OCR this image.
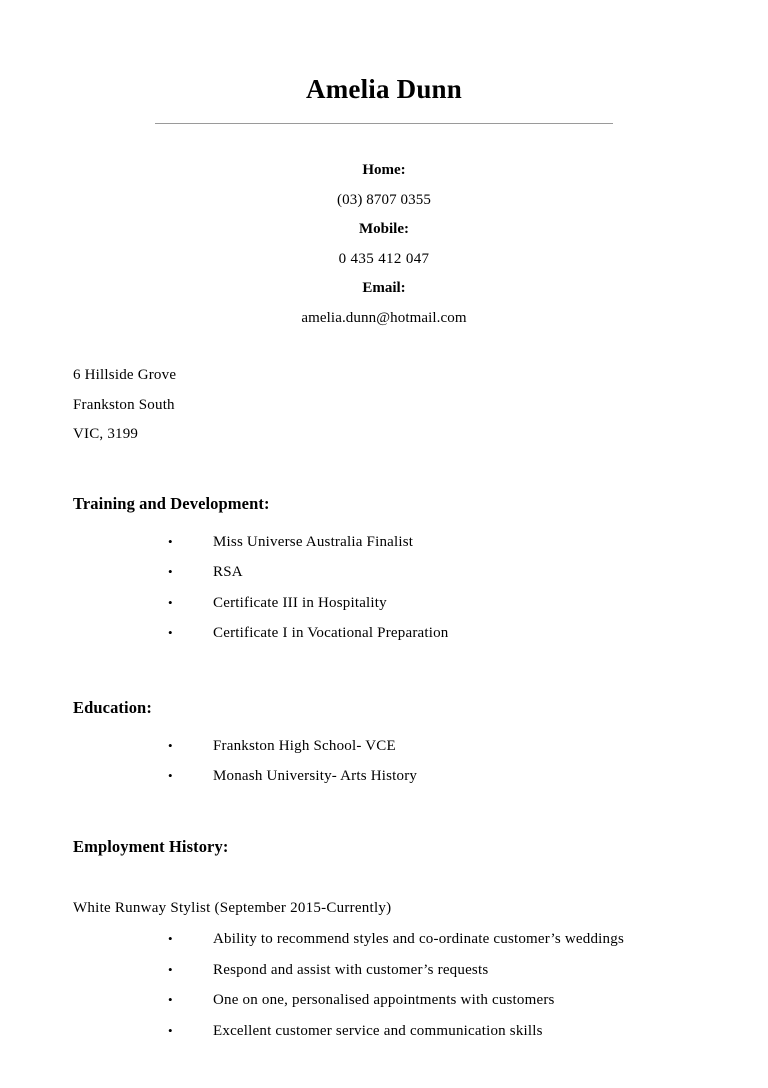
Amelia Dunn
Home:
(03) 8707 0355
Mobile:
0 435 412 047
Email:
amelia.dunn@hotmail.com
6 Hillside Grove
Frankston South
VIC, 3199
Training and Development:
•	Miss Universe Australia Finalist
•	RSA
•	Certificate III in Hospitality
•	Certificate I in Vocational Preparation
Education:
•	Frankston High School- VCE
•	Monash University- Arts History
Employment History:
White Runway Stylist (September 2015-Currently)
•	Ability to recommend styles and co-ordinate customer’s weddings
•	Respond and assist with customer’s requests
•	One on one, personalised appointments with customers
•	Excellent customer service and communication skills
